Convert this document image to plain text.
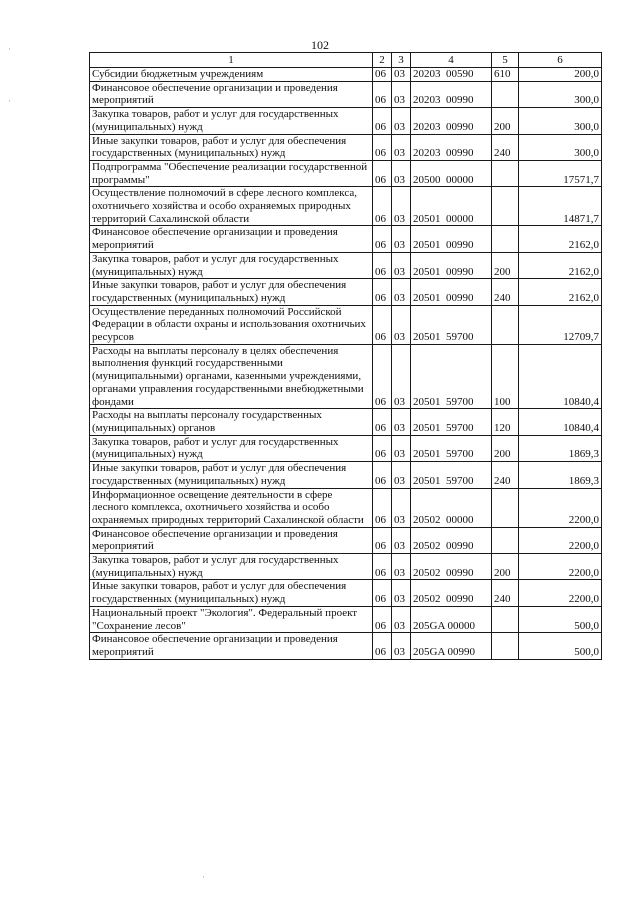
102
1	2	3	4	5	6
Субсидии бюджетным учреждениям	06	03	20203  00590	610	200,0
Финансовое обеспечение организации и проведения мероприятий	06	03	20203  00990		300,0
Закупка товаров, работ и услуг для государственных (муниципальных) нужд	06	03	20203  00990	200	300,0
Иные закупки товаров, работ и услуг для обеспечения государственных (муниципальных) нужд	06	03	20203  00990	240	300,0
Подпрограмма "Обеспечение реализации государственной программы"	06	03	20500  00000		17571,7
Осуществление полномочий в сфере лесного комплекса, охотничьего хозяйства и особо охраняемых природных территорий Сахалинской области	06	03	20501  00000		14871,7
Финансовое обеспечение организации и проведения мероприятий	06	03	20501  00990		2162,0
Закупка товаров, работ и услуг для государственных (муниципальных) нужд	06	03	20501  00990	200	2162,0
Иные закупки товаров, работ и услуг для обеспечения государственных (муниципальных) нужд	06	03	20501  00990	240	2162,0
Осуществление переданных полномочий Российской Федерации в области охраны и использования охотничьих ресурсов	06	03	20501  59700		12709,7
Расходы на выплаты персоналу в целях обеспечения выполнения функций государственными (муниципальными) органами, казенными учреждениями, органами управления государственными внебюджетными фондами	06	03	20501  59700	100	10840,4
Расходы на выплаты персоналу государственных (муниципальных) органов	06	03	20501  59700	120	10840,4
Закупка товаров, работ и услуг для государственных (муниципальных) нужд	06	03	20501  59700	200	1869,3
Иные закупки товаров, работ и услуг для обеспечения государственных (муниципальных) нужд	06	03	20501  59700	240	1869,3
Информационное освещение деятельности в сфере лесного комплекса, охотничьего хозяйства и особо охраняемых природных территорий Сахалинской области	06	03	20502  00000		2200,0
Финансовое обеспечение организации и проведения мероприятий	06	03	20502  00990		2200,0
Закупка товаров, работ и услуг для государственных (муниципальных) нужд	06	03	20502  00990	200	2200,0
Иные закупки товаров, работ и услуг для обеспечения государственных (муниципальных) нужд	06	03	20502  00990	240	2200,0
Национальный проект "Экология". Федеральный проект "Сохранение лесов"	06	03	205GA 00000		500,0
Финансовое обеспечение организации и проведения мероприятий	06	03	205GA 00990		500,0
·
·
·
